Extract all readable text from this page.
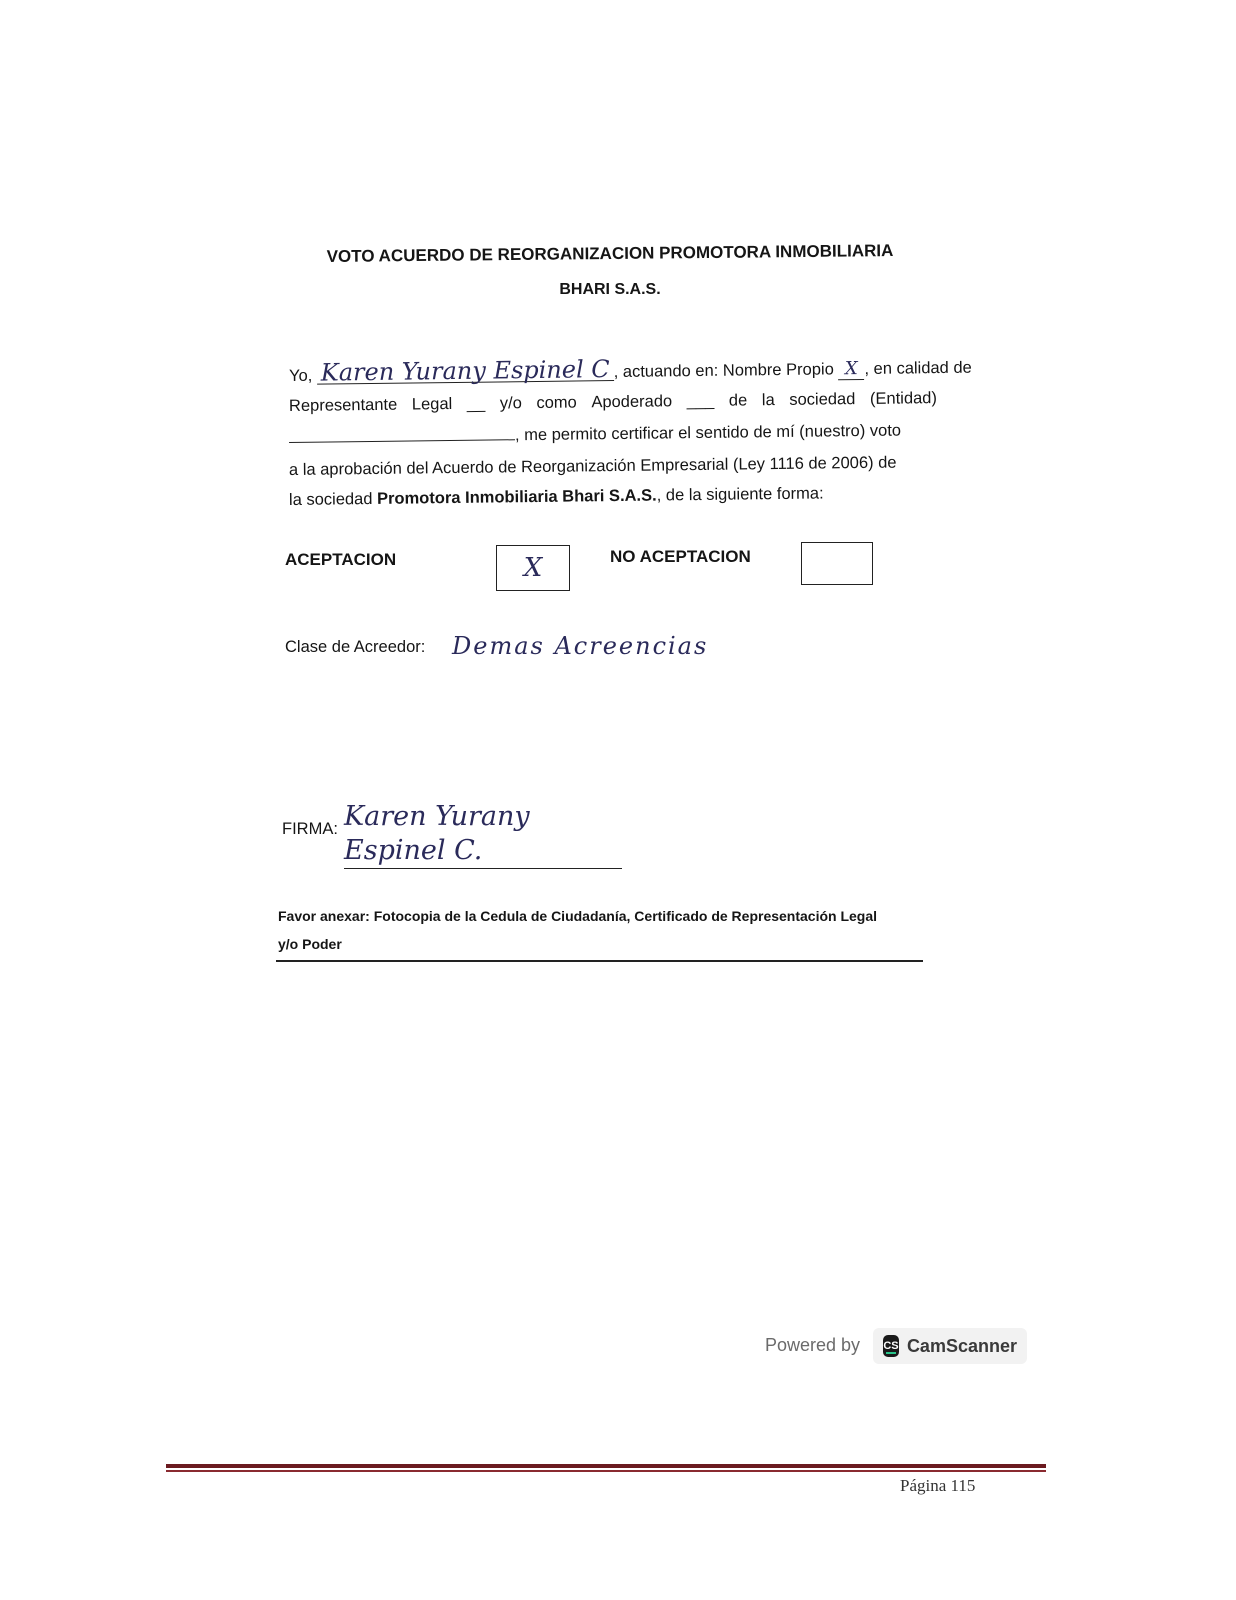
VOTO ACUERDO DE REORGANIZACION PROMOTORA INMOBILIARIA
BHARI S.A.S.
Yo, Karen Yurany Espinel C , actuando en: Nombre Propio X , en calidad de
Representante Legal __ y/o como Apoderado ___ de la sociedad (Entidad)
, me permito certificar el sentido de mí (nuestro) voto
a la aprobación del Acuerdo de Reorganización Empresarial (Ley 1116 de 2006) de
la sociedad Promotora Inmobiliaria Bhari S.A.S., de la siguiente forma:
ACEPTACION	X	NO ACEPTACION
Clase de Acreedor: Demas Acreencias
FIRMA: Karen Yurany Espinel C.
Favor anexar: Fotocopia de la Cedula de Ciudadanía, Certificado de Representación Legal
y/o Poder
Powered by CS CamScanner
Página 115
